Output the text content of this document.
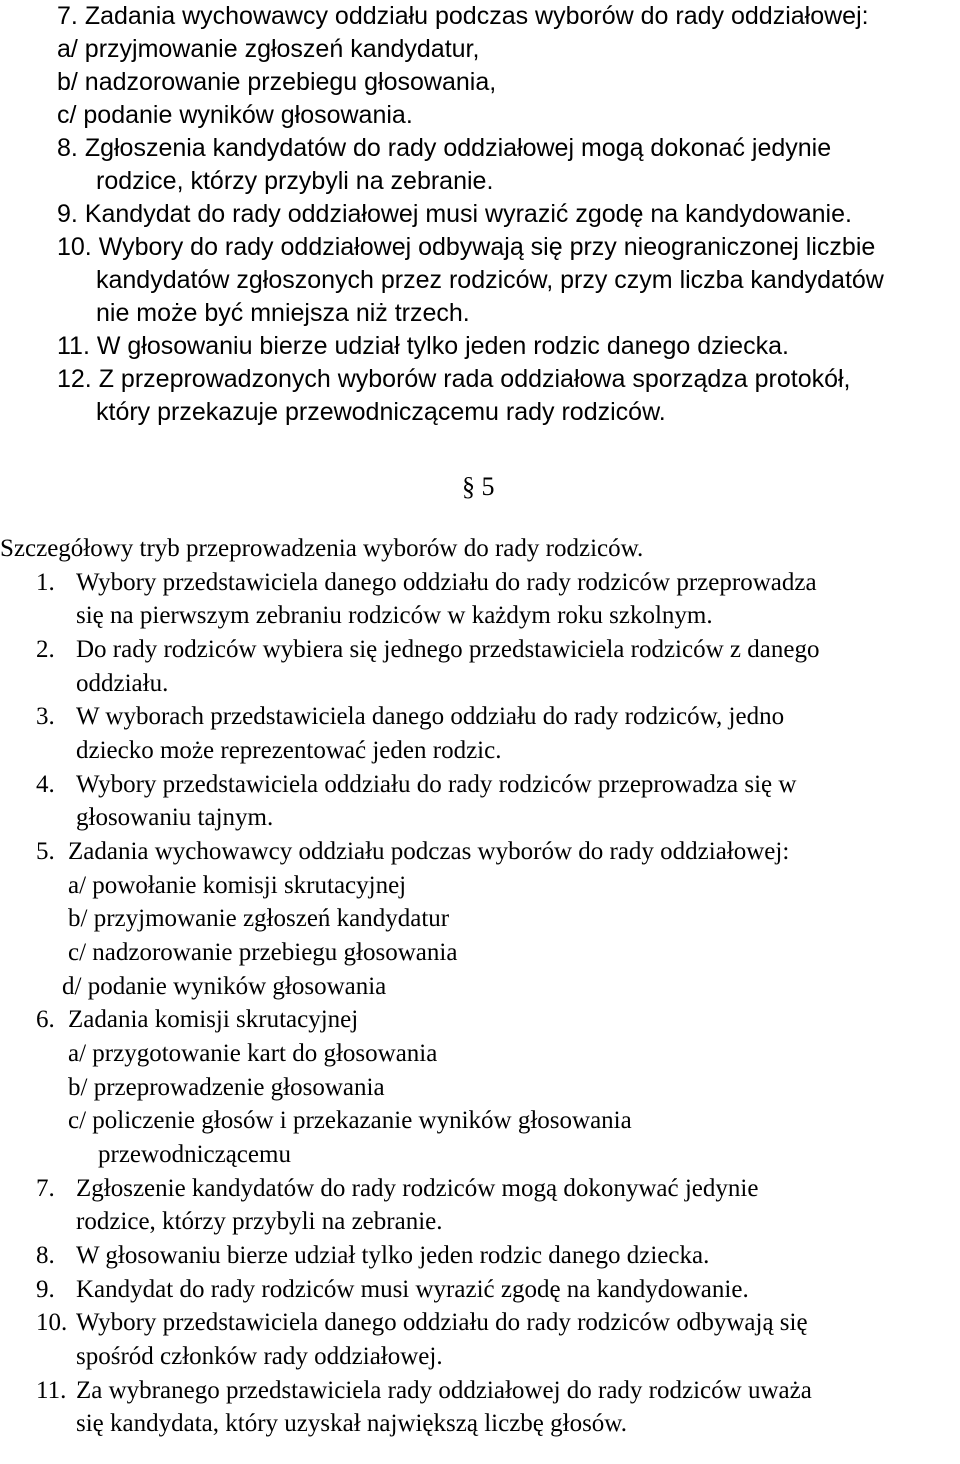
7. Zadania wychowawcy oddziału podczas wyborów do rady oddziałowej:
a/ przyjmowanie zgłoszeń kandydatur,
b/ nadzorowanie przebiegu głosowania,
c/ podanie wyników głosowania.
8. Zgłoszenia kandydatów do rady oddziałowej mogą dokonać jedynie
rodzice, którzy przybyli na zebranie.
9. Kandydat do rady oddziałowej musi wyrazić zgodę na kandydowanie.
10. Wybory do rady oddziałowej odbywają się przy nieograniczonej liczbie
kandydatów zgłoszonych przez rodziców, przy czym liczba kandydatów
nie może być mniejsza niż trzech.
11. W głosowaniu bierze udział tylko jeden rodzic danego dziecka.
12. Z przeprowadzonych wyborów rada oddziałowa sporządza protokół,
który przekazuje przewodniczącemu rady rodziców.
§ 5
Szczegółowy tryb przeprowadzenia wyborów do rady rodziców.
1. Wybory przedstawiciela danego oddziału do rady rodziców przeprowadza
się na pierwszym zebraniu rodziców w każdym roku szkolnym.
2. Do rady rodziców wybiera się jednego przedstawiciela rodziców z danego
oddziału.
3. W wyborach przedstawiciela danego oddziału do rady rodziców, jedno
dziecko może reprezentować jeden rodzic.
4. Wybory przedstawiciela oddziału do rady rodziców przeprowadza się w
głosowaniu tajnym.
5. Zadania wychowawcy oddziału podczas wyborów do rady oddziałowej:
a/ powołanie komisji skrutacyjnej
b/ przyjmowanie zgłoszeń kandydatur
c/ nadzorowanie przebiegu głosowania
d/ podanie wyników głosowania
6. Zadania komisji skrutacyjnej
a/ przygotowanie kart do głosowania
b/ przeprowadzenie głosowania
c/ policzenie głosów i przekazanie wyników głosowania
przewodniczącemu
7. Zgłoszenie kandydatów do rady rodziców mogą dokonywać jedynie
rodzice, którzy przybyli na zebranie.
8. W głosowaniu bierze udział tylko jeden rodzic danego dziecka.
9. Kandydat do rady rodziców musi wyrazić zgodę na kandydowanie.
10. Wybory przedstawiciela danego oddziału do rady rodziców odbywają się
spośród członków rady oddziałowej.
11. Za wybranego przedstawiciela rady oddziałowej do rady rodziców uważa
się kandydata, który uzyskał największą liczbę głosów.
